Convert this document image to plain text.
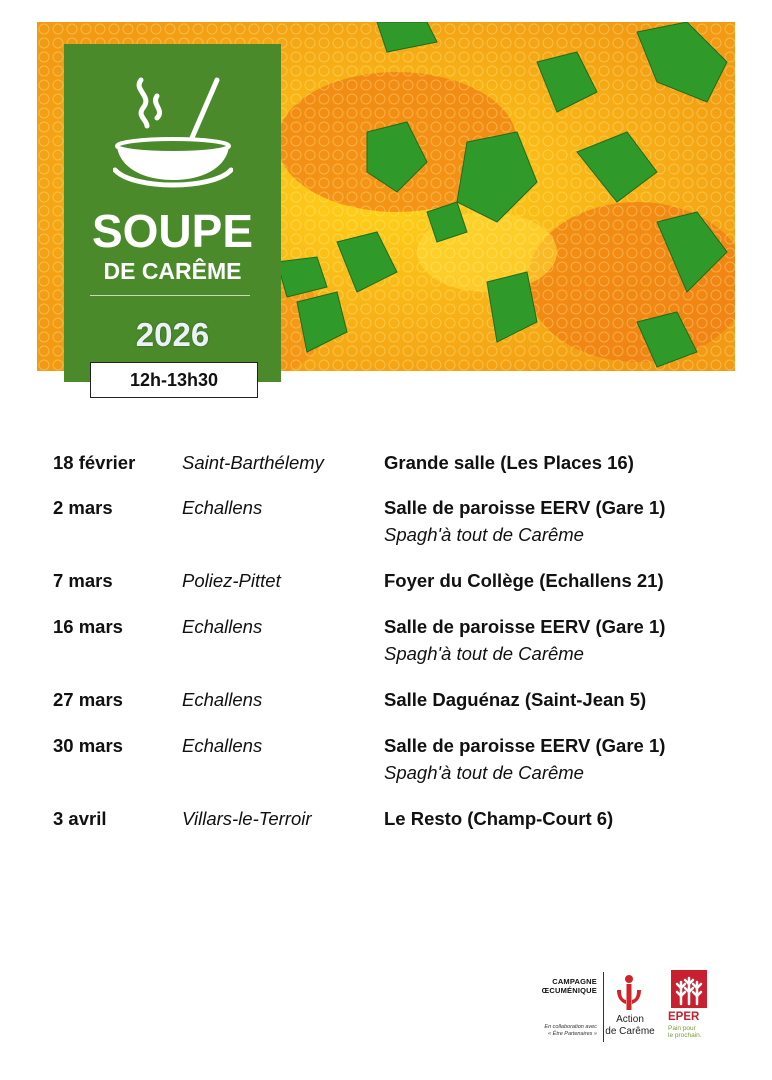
SOUPE
DE CARÊME
2026
12h-13h30
18 février	Saint-Barthélemy	Grande salle (Les Places 16)
2 mars	Echallens	Salle de paroisse EERV (Gare 1)
Spagh'à tout de Carême
7 mars	Poliez-Pittet	Foyer du Collège (Echallens 21)
16 mars	Echallens	Salle de paroisse EERV (Gare 1)
Spagh'à tout de Carême
27 mars	Echallens	Salle Daguénaz (Saint-Jean 5)
30 mars	Echallens	Salle de paroisse EERV (Gare 1)
Spagh'à tout de Carême
3 avril	Villars-le-Terroir	Le Resto (Champ-Court 6)
CAMPAGNE
ŒCUMÉNIQUE
En collaboration avec
« Être Partenaires »
Action
de Carême
EPER
Pain pour
le prochain.
